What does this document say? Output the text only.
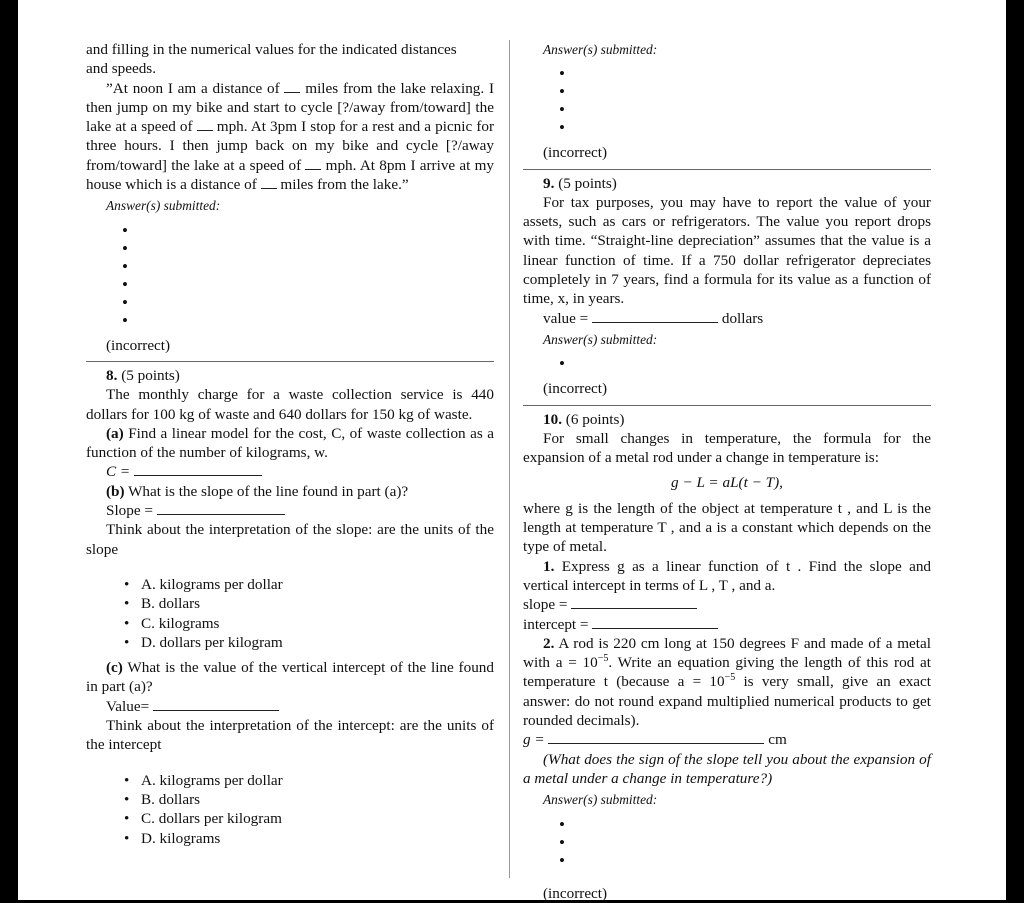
and filling in the numerical values for the indicated distances

and speeds.

”At noon I am a distance of miles from the lake relaxing. I then jump on my bike and start to cycle [?/away from/toward] the lake at a speed of mph. At 3pm I stop for a rest and a picnic for three hours. I then jump back on my bike and cycle [?/away from/toward] the lake at a speed of mph. At 8pm I arrive at my house which is a distance of miles from the lake.”

Answer(s) submitted:

•
•
•
•
•
•

(incorrect)

8. (5 points)

The monthly charge for a waste collection service is 440 dollars for 100 kg of waste and 640 dollars for 150 kg of waste.

(a) Find a linear model for the cost, C, of waste collection as a function of the number of kilograms, w.

C =

(b) What is the slope of the line found in part (a)?

Slope =

Think about the interpretation of the slope: are the units of the slope

• A. kilograms per dollar
• B. dollars
• C. kilograms
• D. dollars per kilogram

(c) What is the value of the vertical intercept of the line found in part (a)?

Value=

Think about the interpretation of the intercept: are the units of the intercept

• A. kilograms per dollar
• B. dollars
• C. dollars per kilogram
• D. kilograms

Answer(s) submitted:

•
•
•
•

(incorrect)

9. (5 points)

For tax purposes, you may have to report the value of your assets, such as cars or refrigerators. The value you report drops with time. “Straight-line depreciation” assumes that the value is a linear function of time. If a 750 dollar refrigerator depreciates completely in 7 years, find a formula for its value as a function of time, x, in years.

value =	dollars

Answer(s) submitted:

•

(incorrect)

10. (6 points)

For small changes in temperature, the formula for the expansion of a metal rod under a change in temperature is:

g − L = aL(t − T),

where g is the length of the object at temperature t , and L is the length at temperature T , and a is a constant which depends on the type of metal.

1. Express g as a linear function of t . Find the slope and vertical intercept in terms of L , T , and a.

slope =

intercept =

2. A rod is 220 cm long at 150 degrees F and made of a metal with $a = 10^{-5}$. Write an equation giving the length of this rod at temperature t (because $a = 10^{-5}$ is very small, give an exact answer: do not round expand multiplied numerical products to get rounded decimals).

g =	cm

(What does the sign of the slope tell you about the expansion of a metal under a change in temperature?)

Answer(s) submitted:

•
•
•

(incorrect)
